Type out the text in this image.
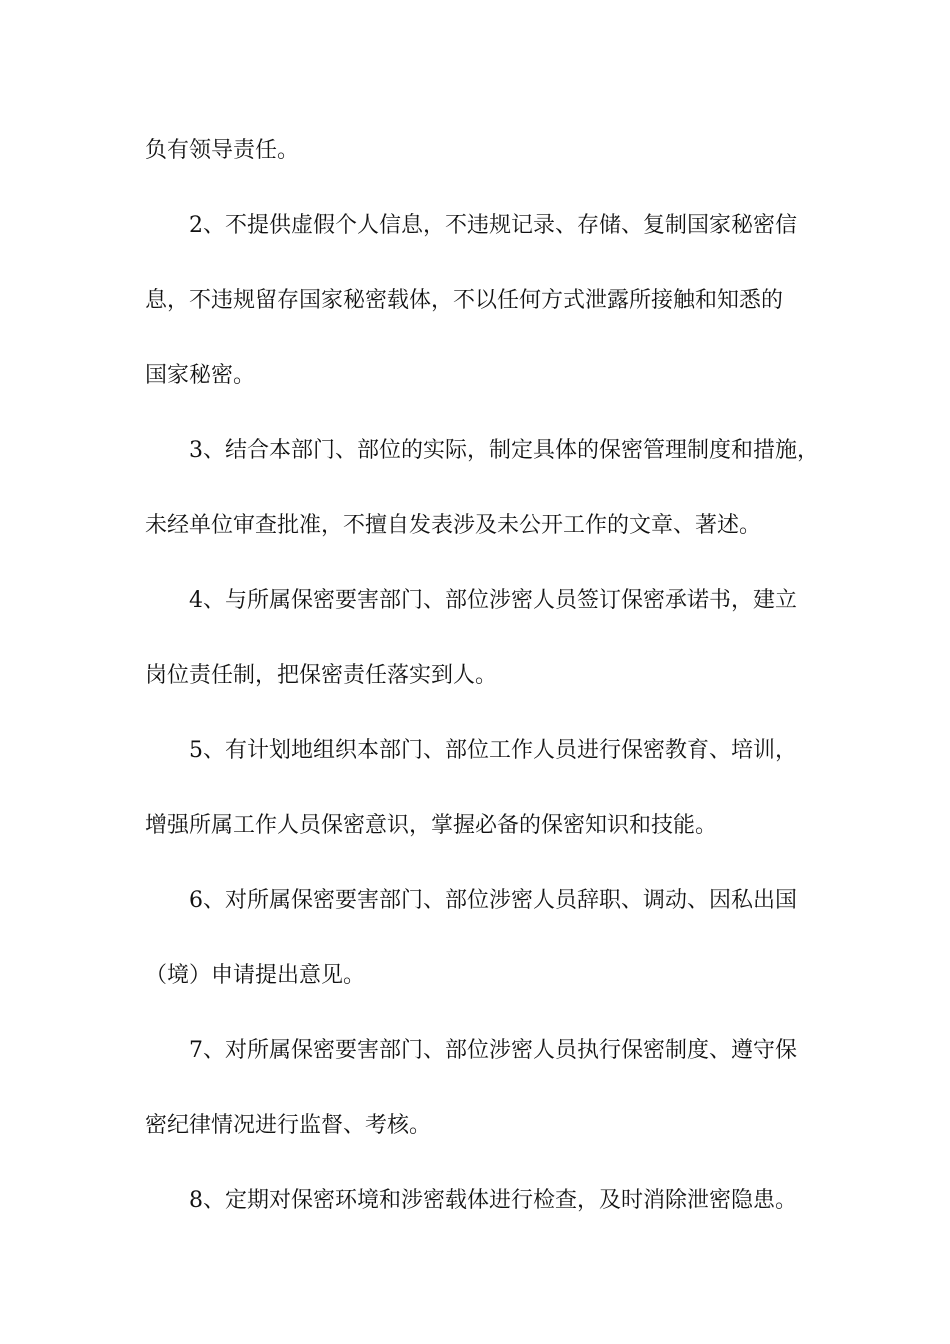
负有领导责任。

2、不提供虚假个人信息，不违规记录、存储、复制国家秘密信

息，不违规留存国家秘密载体，不以任何方式泄露所接触和知悉的

国家秘密。

3、结合本部门、部位的实际，制定具体的保密管理制度和措施，

未经单位审查批准，不擅自发表涉及未公开工作的文章、著述。

4、与所属保密要害部门、部位涉密人员签订保密承诺书，建立

岗位责任制，把保密责任落实到人。

5、有计划地组织本部门、部位工作人员进行保密教育、培训，

增强所属工作人员保密意识，掌握必备的保密知识和技能。

6、对所属保密要害部门、部位涉密人员辞职、调动、因私出国

（境）申请提出意见。

7、对所属保密要害部门、部位涉密人员执行保密制度、遵守保

密纪律情况进行监督、考核。

8、定期对保密环境和涉密载体进行检查，及时消除泄密隐患。
